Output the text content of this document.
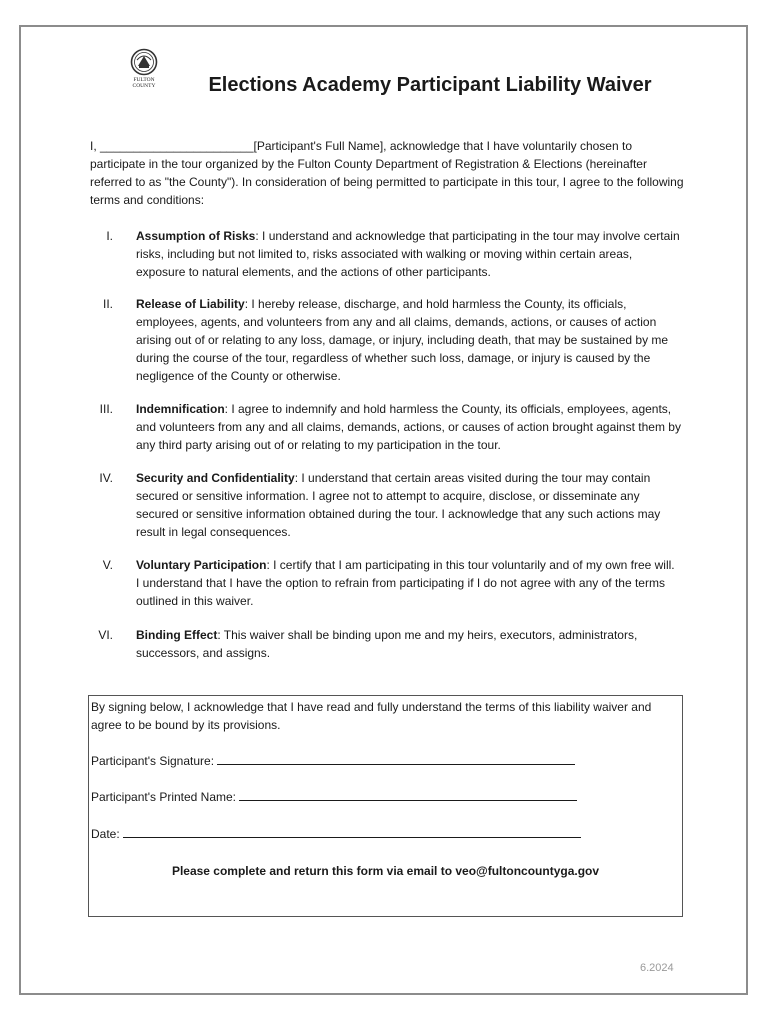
FULTON
COUNTY	Elections Academy Participant Liability Waiver
I, _______________________[Participant's Full Name], acknowledge that I have voluntarily chosen to participate in the tour organized by the Fulton County Department of Registration & Elections (hereinafter referred to as "the County"). In consideration of being permitted to participate in this tour, I agree to the following terms and conditions:
I. Assumption of Risks: I understand and acknowledge that participating in the tour may involve certain risks, including but not limited to, risks associated with walking or moving within certain areas, exposure to natural elements, and the actions of other participants.
II. Release of Liability: I hereby release, discharge, and hold harmless the County, its officials, employees, agents, and volunteers from any and all claims, demands, actions, or causes of action arising out of or relating to any loss, damage, or injury, including death, that may be sustained by me during the course of the tour, regardless of whether such loss, damage, or injury is caused by the negligence of the County or otherwise.
III. Indemnification: I agree to indemnify and hold harmless the County, its officials, employees, agents, and volunteers from any and all claims, demands, actions, or causes of action brought against them by any third party arising out of or relating to my participation in the tour.
IV. Security and Confidentiality: I understand that certain areas visited during the tour may contain secured or sensitive information. I agree not to attempt to acquire, disclose, or disseminate any secured or sensitive information obtained during the tour. I acknowledge that any such actions may result in legal consequences.
V. Voluntary Participation: I certify that I am participating in this tour voluntarily and of my own free will. I understand that I have the option to refrain from participating if I do not agree with any of the terms outlined in this waiver.
VI. Binding Effect: This waiver shall be binding upon me and my heirs, executors, administrators, successors, and assigns.
By signing below, I acknowledge that I have read and fully understand the terms of this liability waiver and agree to be bound by its provisions.
Participant's Signature:
Participant's Printed Name:
Date:
Please complete and return this form via email to veo@fultoncountyga.gov
6.2024
